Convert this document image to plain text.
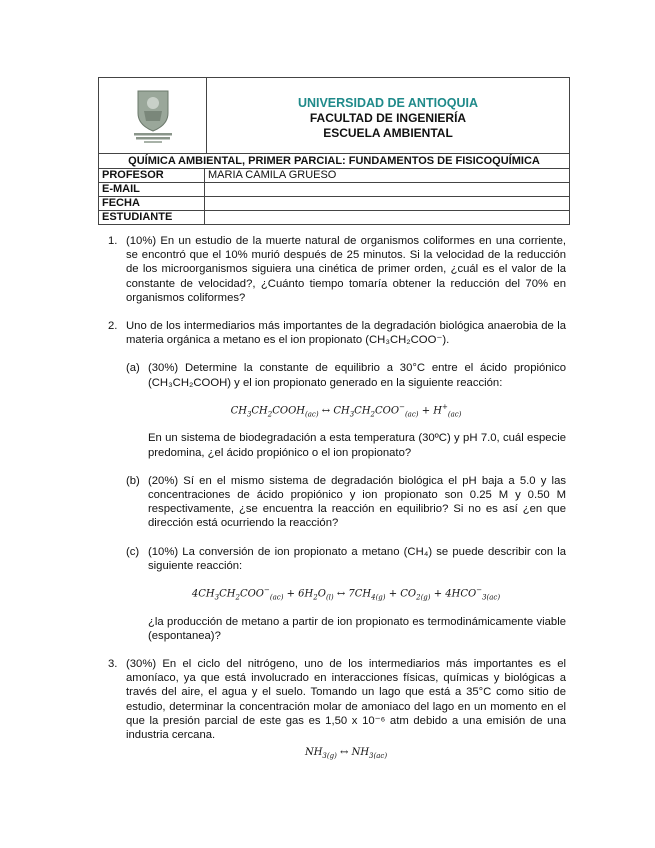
UNIVERSIDAD DE ANTIOQUIA
FACULTAD DE INGENIERÍA
ESCUELA AMBIENTAL
QUÍMICA AMBIENTAL, PRIMER PARCIAL: FUNDAMENTOS DE FISICOQUÍMICA
PROFESOR	MARIA CAMILA GRUESO
E-MAIL
FECHA
ESTUDIANTE
1. (10%) En un estudio de la muerte natural de organismos coliformes en una corriente, se encontró que el 10% murió después de 25 minutos. Si la velocidad de la reducción de los microorganismos siguiera una cinética de primer orden, ¿cuál es el valor de la constante de velocidad?, ¿Cuánto tiempo tomaría obtener la reducción del 70% en organismos coliformes?
2. Uno de los intermediarios más importantes de la degradación biológica anaerobia de la materia orgánica a metano es el ion propionato (CH₃CH₂COO⁻).
(a) (30%) Determine la constante de equilibrio a 30°C entre el ácido propiónico (CH₃CH₂COOH) y el ion propionato generado en la siguiente reacción:
$CH_3CH_2COOH_{(ac)}$ ↔ $CH_3CH_2COO^-_{(ac)} + H^+_{(ac)}$
En un sistema de biodegradación a esta temperatura (30ºC) y pH 7.0, cuál especie predomina, ¿el ácido propiónico o el ion propionato?
(b) (20%) Sí en el mismo sistema de degradación biológica el pH baja a 5.0 y las concentraciones de ácido propiónico y ion propionato son 0.25 M y 0.50 M respectivamente, ¿se encuentra la reacción en equilibrio? Si no es así ¿en que dirección está ocurriendo la reacción?
(c) (10%) La conversión de ion propionato a metano (CH₄) se puede describir con la siguiente reacción:
$4CH_3CH_2COO^-_{(ac)} + 6H_2O_{(l)}$ ↔ $7CH_{4(g)} + CO_{2(g)} + 4HCO^-_{3(ac)}$
¿la producción de metano a partir de ion propionato es termodinámicamente viable (espontanea)?
3. (30%) En el ciclo del nitrógeno, uno de los intermediarios más importantes es el amoníaco, ya que está involucrado en interacciones físicas, químicas y biológicas a través del aire, el agua y el suelo. Tomando un lago que está a 35°C como sitio de estudio, determinar la concentración molar de amoniaco del lago en un momento en el que la presión parcial de este gas es 1,50 x 10⁻⁶ atm debido a una emisión de una industria cercana.
$NH_{3(g)}$ ↔ $NH_{3(ac)}$
